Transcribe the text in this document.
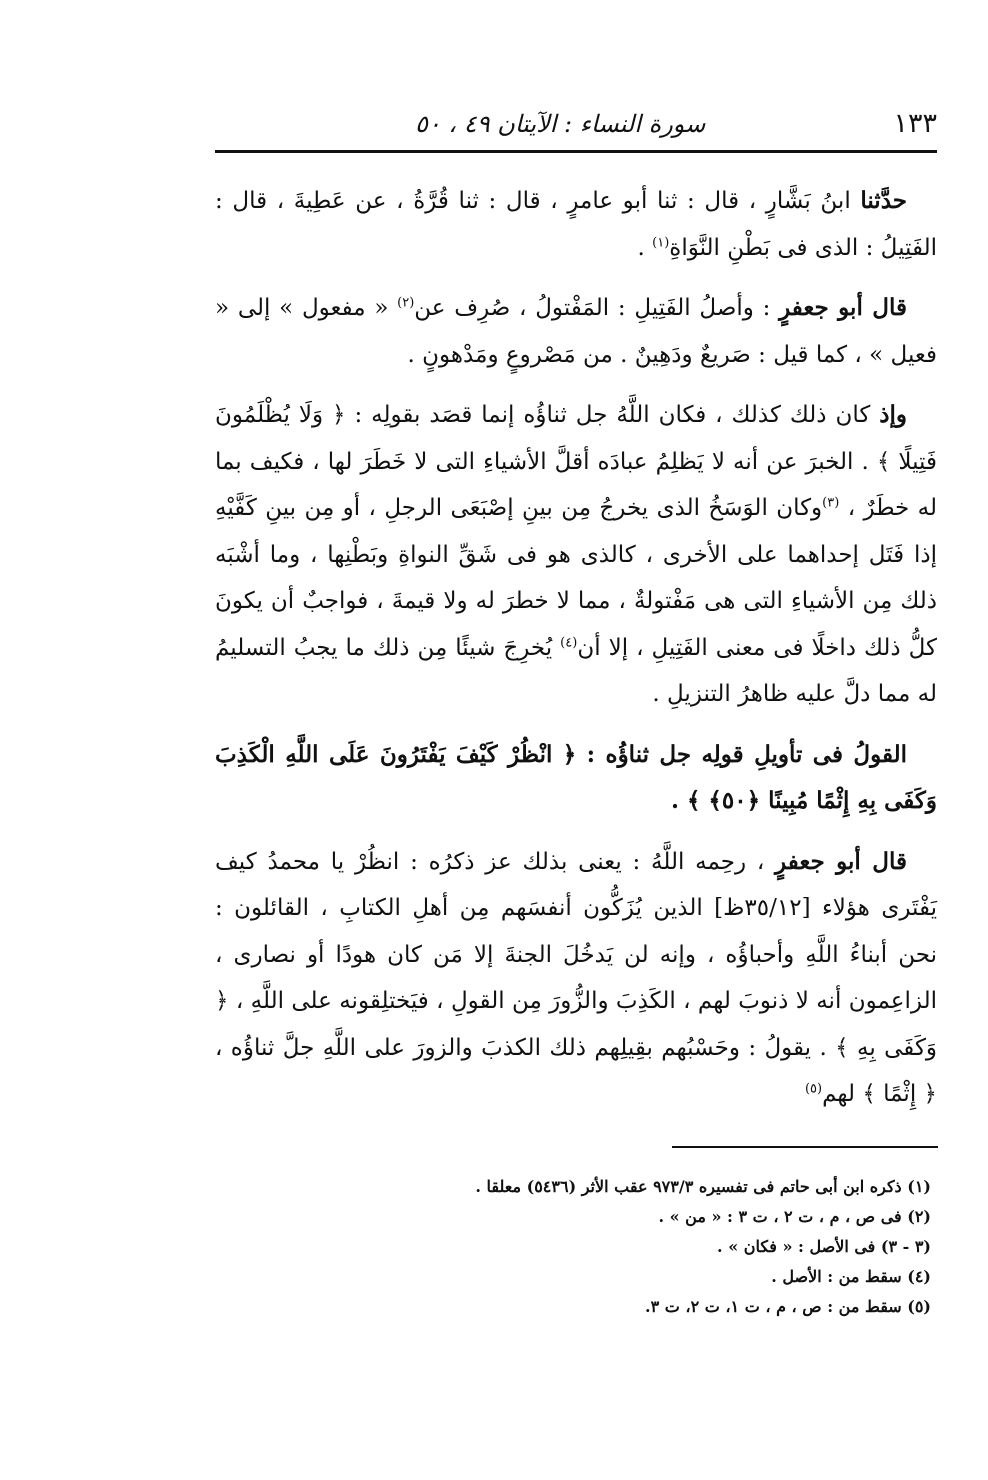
١٣٣
سورة النساء : الآيتان ٤٩ ، ٥٠

حدَّثنا ابنُ بَشَّارٍ ، قال : ثنا أبو عامرٍ ، قال : ثنا قُرَّةُ ، عن عَطِيةَ ، قال : الفَتِيلُ : الذى فى بَطْنِ النَّوَاةِ$^{(١)}$ .

قال أبو جعفرٍ : وأصلُ الفَتِيلِ : المَفْتولُ ، صُرِف عن$^{(٢)}$ « مفعول » إلى « فعيل » ، كما قيل : صَريعٌ ودَهِينٌ . من مَصْروعٍ ومَدْهونٍ .

وإذ كان ذلك كذلك ، فكان اللَّهُ جل ثناؤُه إنما قصَد بقولِه : ﴿ وَلَا يُظْلَمُونَ فَتِيلًا ﴾ . الخبرَ عن أنه لا يَظلِمُ عبادَه أقلَّ الأشياءِ التى لا خَطَرَ لها ، فكيف بما له خطَرٌ ، $^{(٣)}$وكان الوَسَخُ الذى يخرجُ مِن بينِ إصْبَعَى الرجلِ ، أو مِن بينِ كَفَّيْهِ إذا فَتَل إحداهما على الأخرى ، كالذى هو فى شَقِّ النواةِ وبَطْنِها ، وما أشْبَه ذلك مِن الأشياءِ التى هى مَفْتولةٌ ، مما لا خطرَ له ولا قيمةَ ، فواجبٌ أن يكونَ كلُّ ذلك داخلًا فى معنى الفَتِيلِ ، إلا أن$^{(٤)}$ يُخرِجَ شيئًا مِن ذلك ما يجبُ التسليمُ له مما دلَّ عليه ظاهرُ التنزيلِ .

القولُ فى تأويلِ قولِه جل ثناؤُه : ﴿ انْظُرْ كَيْفَ يَفْتَرُونَ عَلَى اللَّهِ الْكَذِبَ وَكَفَى بِهِ إِثْمًا مُبِينًا ﴿٥٠﴾ ﴾ .

قال أبو جعفرٍ ، رحِمه اللَّهُ : يعنى بذلك عز ذكرُه : انظُرْ يا محمدُ كيف يَفْتَرى هؤلاء [٣٥/١٢ظ] الذين يُزَكُّون أنفسَهم مِن أهلِ الكتابِ ، القائلون : نحن أبناءُ اللَّهِ وأحباؤُه ، وإنه لن يَدخُلَ الجنةَ إلا مَن كان هودًا أو نصارى ، الزاعِمون أنه لا ذنوبَ لهم ، الكَذِبَ والزُّورَ مِن القولِ ، فيَختلِقونه على اللَّهِ ، ﴿ وَكَفَى بِهِ ﴾ . يقولُ : وحَسْبُهم بقِيلِهم ذلك الكذبَ والزورَ على اللَّهِ جلَّ ثناؤُه ، ﴿ إِثْمًا ﴾ لهم$^{(٥)}$

(١) ذكره ابن أبى حاتم فى تفسيره ٩٧٣/٣ عقب الأثر (٥٤٣٦) معلقا .

(٢) فى ص ، م ، ت ٢ ، ت ٣ : « من » .

(٣ - ٣) فى الأصل : « فكان » .

(٤) سقط من : الأصل .

(٥) سقط من : ص ، م ، ت ١، ت ٢، ت ٣.
